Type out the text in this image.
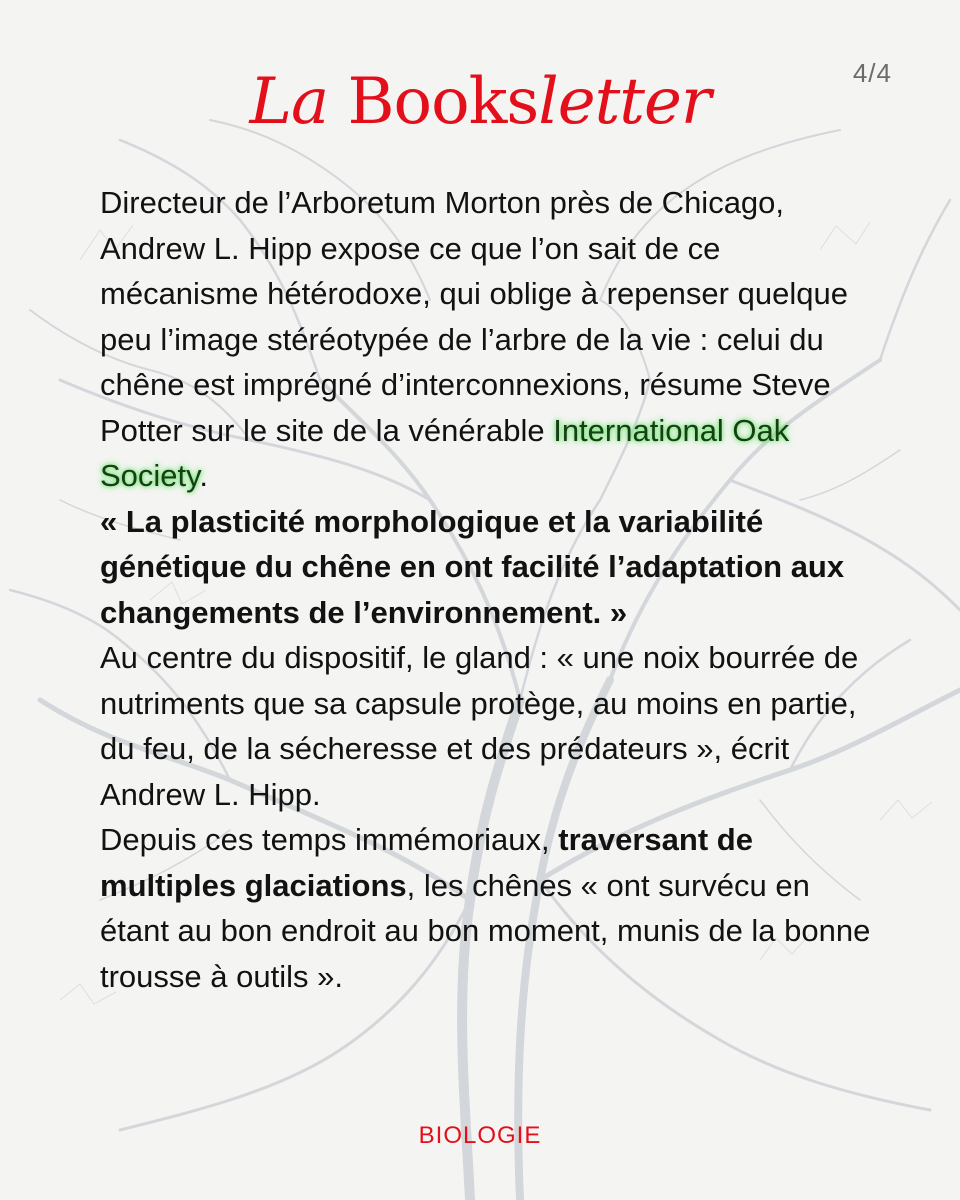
La Booksletter	4/4

Directeur de l’Arboretum Morton près de Chicago, Andrew L. Hipp expose ce que l’on sait de ce mécanisme hétérodoxe, qui oblige à repenser quelque peu l’image stéréotypée de l’arbre de la vie : celui du chêne est imprégné d’interconnexions, résume Steve Potter sur le site de la vénérable International Oak Society.
« La plasticité morphologique et la variabilité génétique du chêne en ont facilité l’adaptation aux changements de l’environnement. »
Au centre du dispositif, le gland : « une noix bourrée de nutriments que sa capsule protège, au moins en partie, du feu, de la sécheresse et des prédateurs », écrit Andrew L. Hipp.
Depuis ces temps immémoriaux, traversant de multiples glaciations, les chênes « ont survécu en étant au bon endroit au bon moment, munis de la bonne trousse à outils ».

BIOLOGIE
